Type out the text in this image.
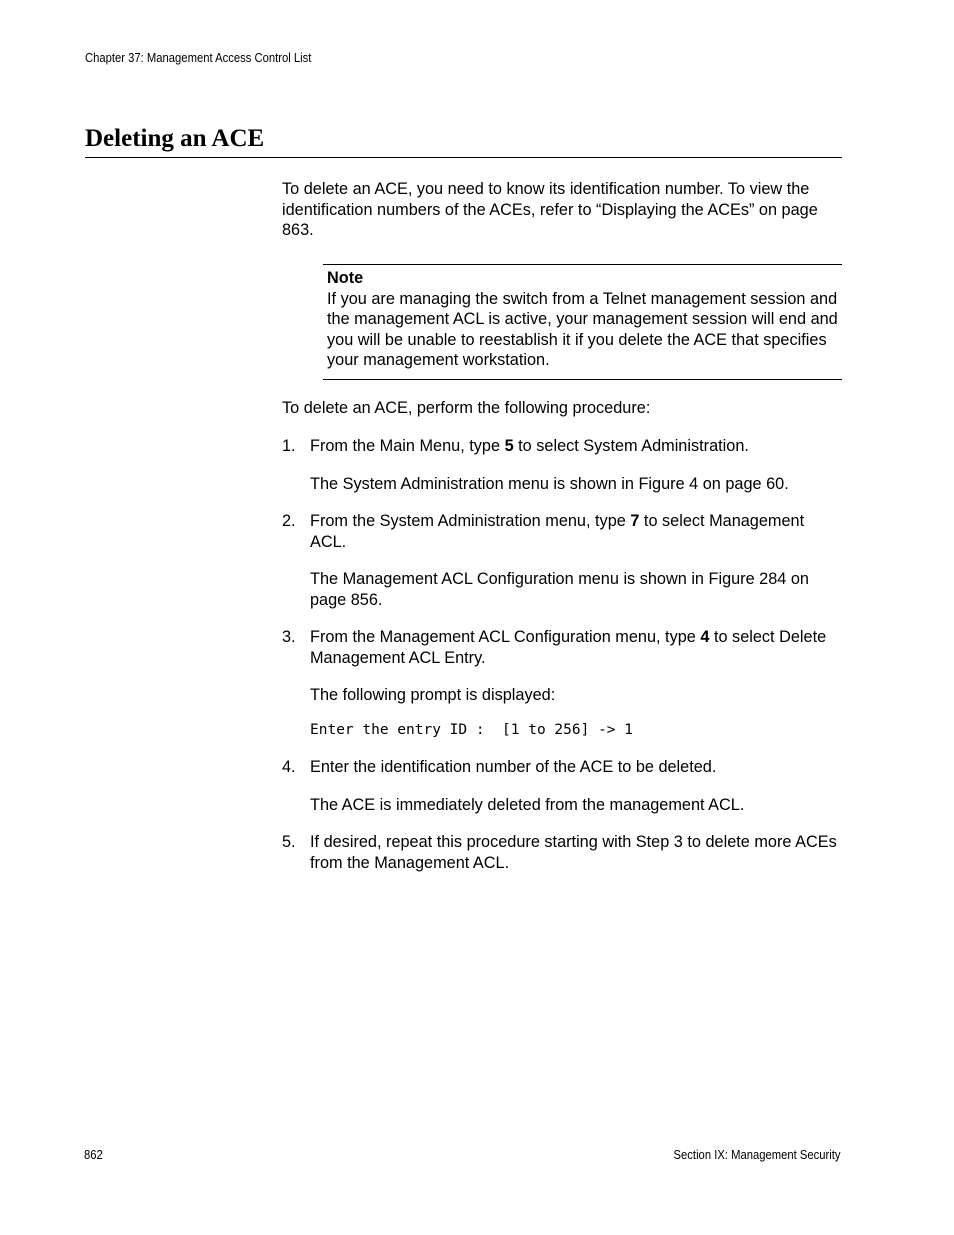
Chapter 37: Management Access Control List
Deleting an ACE

To delete an ACE, you need to know its identification number. To view the identification numbers of the ACEs, refer to “Displaying the ACEs” on page 863.

Note
If you are managing the switch from a Telnet management session and the management ACL is active, your management session will end and you will be unable to reestablish it if you delete the ACE that specifies your management workstation.

To delete an ACE, perform the following procedure:

1. From the Main Menu, type 5 to select System Administration.

The System Administration menu is shown in Figure 4 on page 60.

2. From the System Administration menu, type 7 to select Management ACL.

The Management ACL Configuration menu is shown in Figure 284 on page 856.

3. From the Management ACL Configuration menu, type 4 to select Delete Management ACL Entry.

The following prompt is displayed:

Enter the entry ID :  [1 to 256] -> 1
4. Enter the identification number of the ACE to be deleted.

The ACE is immediately deleted from the management ACL.

5. If desired, repeat this procedure starting with Step 3 to delete more ACEs from the Management ACL.

862	Section IX: Management Security
